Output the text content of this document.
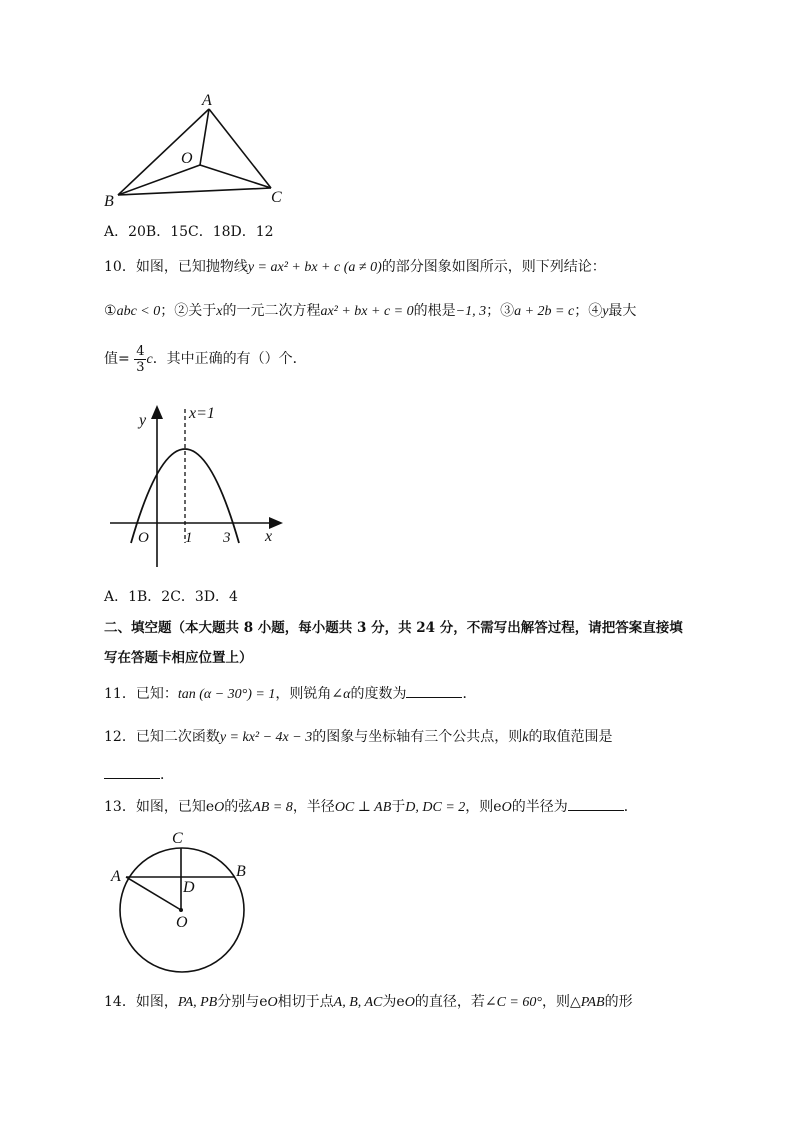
A
O
B	C
A．20B．15C．18D．12
10．如图，已知抛物线y = ax² + bx + c (a ≠ 0)的部分图象如图所示，则下列结论：
①abc < 0；②关于x的一元二次方程ax² + bx + c = 0的根是−1, 3；③a + 2b = c；④y最大
值= $\frac{4}{3}$ c．其中正确的有（）个．
y	x=1
O 1 3 x
A．1B．2C．3D．4
二、填空题（本大题共 8 小题，每小题共 3 分，共 24 分，不需写出解答过程，请把答案直接填
写在答题卡相应位置上）
11．已知：tan (α − 30°) = 1，则锐角∠α的度数为	．
12．已知二次函数y = kx² − 4x − 3的图象与坐标轴有三个公共点，则k的取值范围是
．
13．如图，已知eO的弦AB = 8，半径OC ⊥ AB于D, DC = 2，则eO的半径为	．
C
A	B
D
O
14．如图，PA, PB分别与eO相切于点A, B, AC为eO的直径，若∠C = 60°，则△PAB的形
